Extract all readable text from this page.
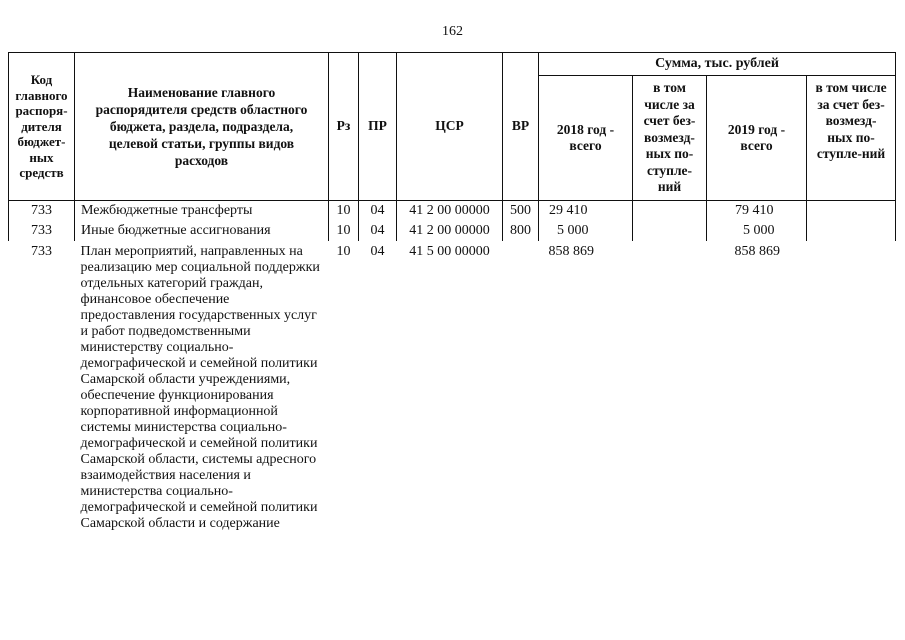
162
Код главного распоря-дителя бюджет-ных средств	Наименование главного распорядителя средств областного бюджета, раздела, подраздела, целевой статьи, группы видов расходов	Рз	ПР	ЦСР	ВР	Сумма, тыс. рублей			
						2018 год - всего	в том числе за счет без-возмезд-ных по-ступле-ний	2019 год - всего	в том числе за счет без-возмезд-ных по-ступле-ний
733	Межбюджетные трансферты	10	04	41 2 00 00000	500	29 410		79 410	
733	Иные бюджетные ассигнования	10	04	41 2 00 00000	800	5 000		5 000	
733	План мероприятий, направленных на реализацию мер социальной поддержки отдельных категорий граждан, финансовое обеспечение предоставления государственных услуг и работ подведомственными министерству социально-демографической и семейной политики Самарской области учреждениями, обеспечение функционирования корпоративной информационной системы министерства социально-демографической и семейной политики Самарской области, системы адресного взаимодействия населения и министерства социально-демографической и семейной политики Самарской области и содержание	10	04	41 5 00 00000		858 869		858 869	
